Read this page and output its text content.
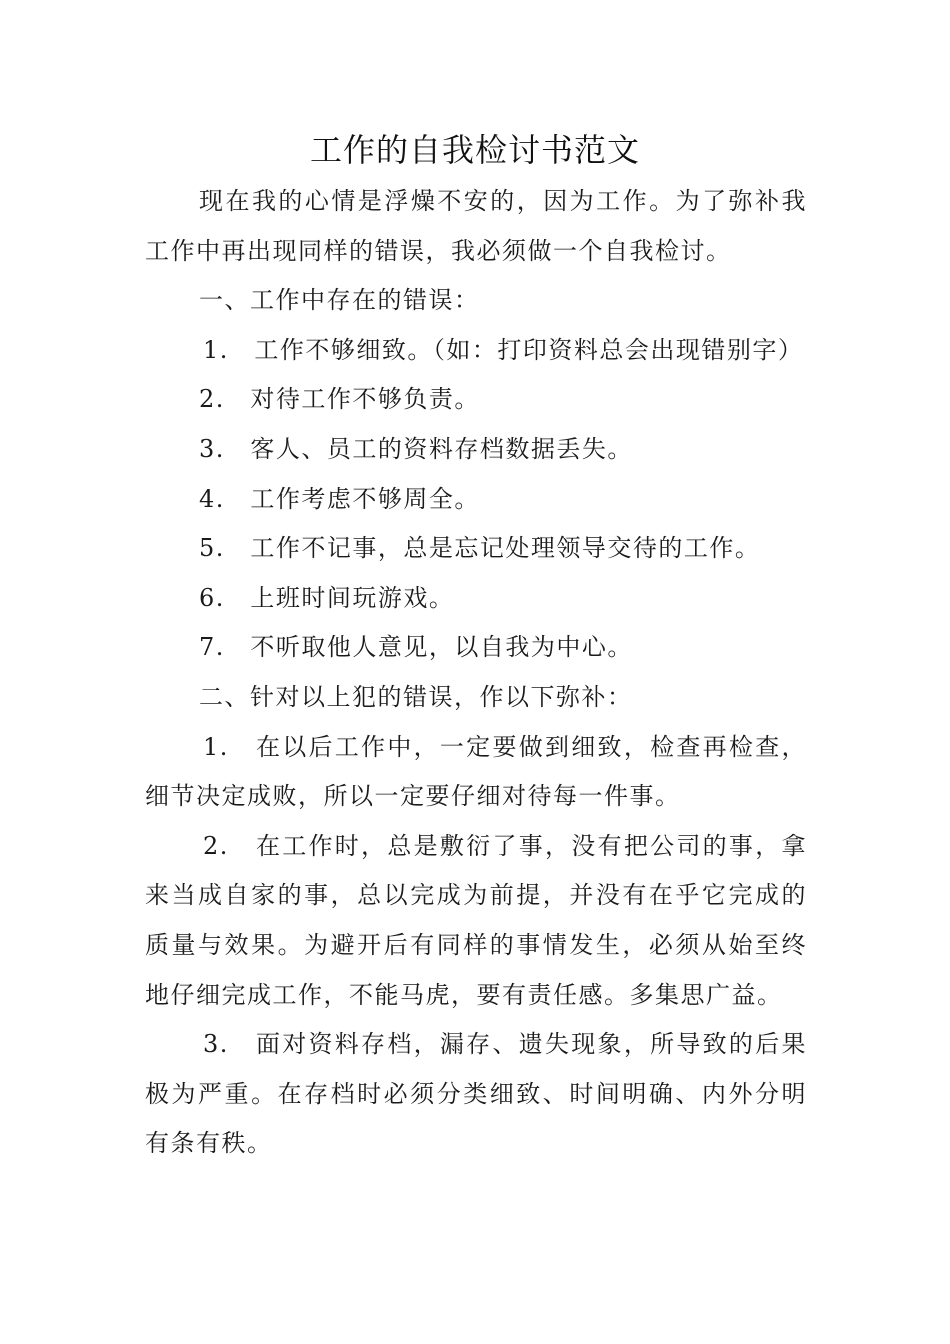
工作的自我检讨书范文

现在我的心情是浮燥不安的，因为工作。为了弥补我工作中再出现同样的错误，我必须做一个自我检讨。

一、工作中存在的错误：

1.　工作不够细致。（如：打印资料总会出现错别字）

2.　对待工作不够负责。

3.　客人、员工的资料存档数据丢失。

4.　工作考虑不够周全。

5.　工作不记事，总是忘记处理领导交待的工作。

6.　上班时间玩游戏。

7.　不听取他人意见，以自我为中心。

二、针对以上犯的错误，作以下弥补：

1.　在以后工作中，一定要做到细致，检查再检查，细节决定成败，所以一定要仔细对待每一件事。

2.　在工作时，总是敷衍了事，没有把公司的事，拿来当成自家的事，总以完成为前提，并没有在乎它完成的质量与效果。为避开后有同样的事情发生，必须从始至终地仔细完成工作，不能马虎，要有责任感。多集思广益。

3.　面对资料存档，漏存、遗失现象，所导致的后果极为严重。在存档时必须分类细致、时间明确、内外分明有条有秩。
